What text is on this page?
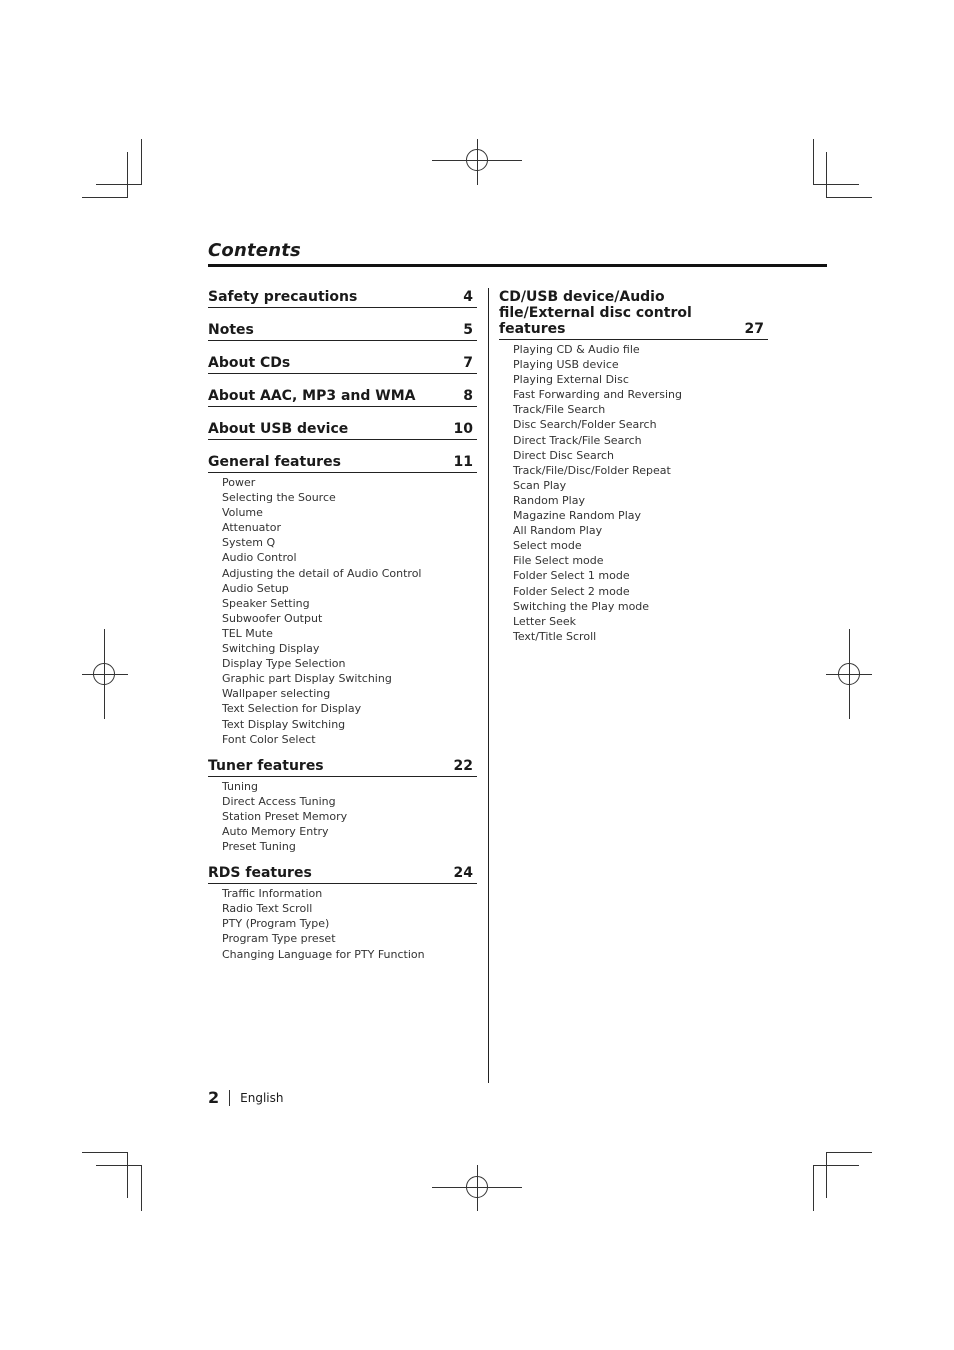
Contents
Safety precautions	4
Notes	5
About CDs	7
About AAC, MP3 and WMA	8
About USB device	10
General features	11
Power
Selecting the Source
Volume
Attenuator
System Q
Audio Control
Adjusting the detail of Audio Control
Audio Setup
Speaker Setting
Subwoofer Output
TEL Mute
Switching Display
Display Type Selection
Graphic part Display Switching
Wallpaper selecting
Text Selection for Display
Text Display Switching
Font Color Select
Tuner features	22
Tuning
Direct Access Tuning
Station Preset Memory
Auto Memory Entry
Preset Tuning
RDS features	24
Traffic Information
Radio Text Scroll
PTY (Program Type)
Program Type preset
Changing Language for PTY Function
CD/USB device/Audio file/External disc control features	27
Playing CD & Audio file
Playing USB device
Playing External Disc
Fast Forwarding and Reversing
Track/File Search
Disc Search/Folder Search
Direct Track/File Search
Direct Disc Search
Track/File/Disc/Folder Repeat
Scan Play
Random Play
Magazine Random Play
All Random Play
Select mode
File Select mode
Folder Select 1 mode
Folder Select 2 mode
Switching the Play mode
Letter Seek
Text/Title Scroll
2 English
